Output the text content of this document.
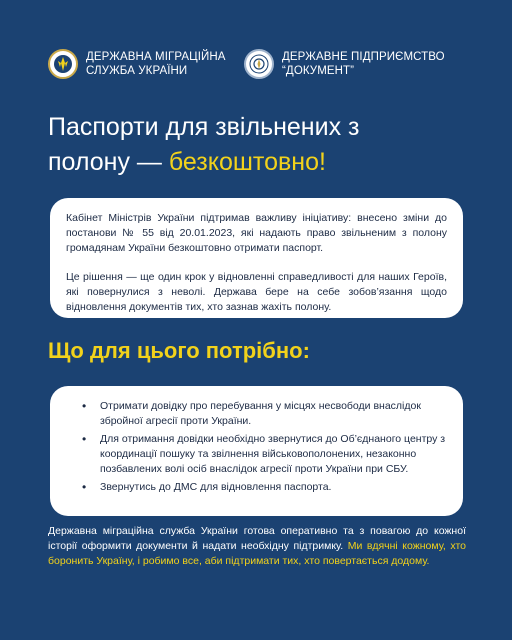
ДЕРЖАВНА МІГРАЦІЙНА
СЛУЖБА УКРАЇНИ
ДЕРЖАВНЕ ПІДПРИЄМСТВО
“ДОКУМЕНТ”
Паспорти для звільнених з
полону — безкоштовно!

Кабінет Міністрів України підтримав важливу ініціативу: внесено зміни до постанови № 55 від 20.01.2023, які надають право звільненим з полону громадянам України безкоштовно отримати паспорт.

Це рішення — ще один крок у відновленні справедливості для наших Героїв, які повернулися з неволі. Держава бере на себе зобов’язання щодо відновлення документів тих, хто зазнав жахіть полону.

Що для цього потрібно:
• Отримати довідку про перебування у місцях несвободи внаслідок збройної агресії проти України.
• Для отримання довідки необхідно звернутися до Об’єднаного центру з координації пошуку та звілнення військовополонених, незаконно позбавлених волі осіб внаслідок агресії проти України при СБУ.
• Звернутись до ДМС для відновлення паспорта.

Державна міграційна служба України готова оперативно та з повагою до кожної історії оформити документи й надати необхідну підтримку. Ми вдячні кожному, хто боронить Україну, і робимо все, аби підтримати тих, хто повертається додому.
